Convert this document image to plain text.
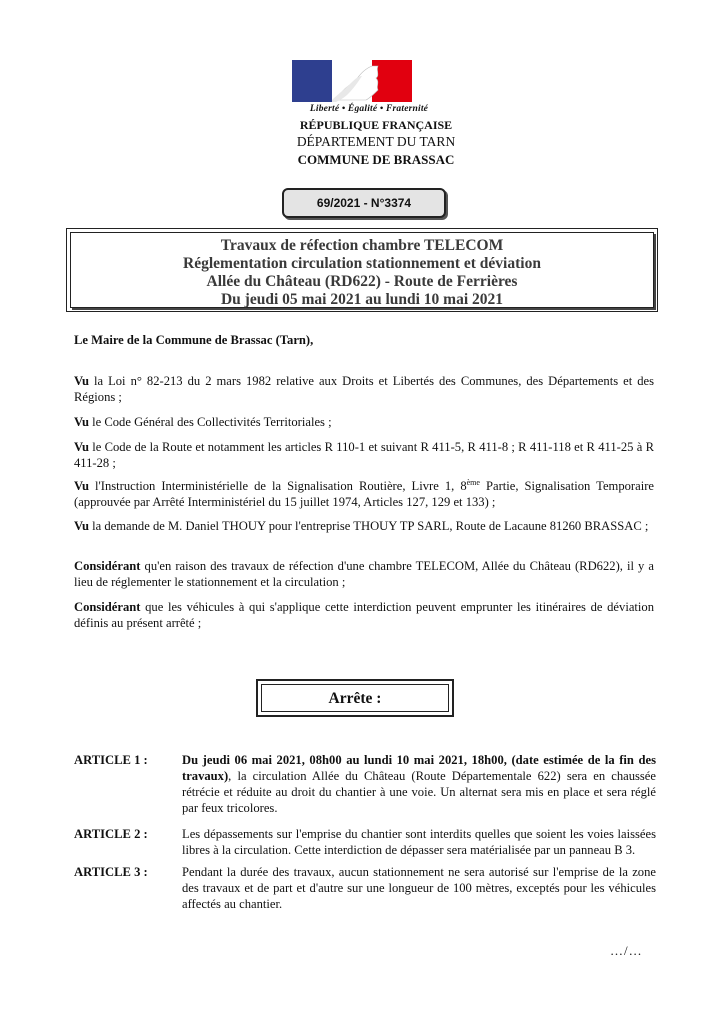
Liberté • Égalité • Fraternité
RÉPUBLIQUE FRANÇAISE
DÉPARTEMENT DU TARN
COMMUNE DE BRASSAC
69/2021 - N°3374
Travaux de réfection chambre TELECOM
Réglementation circulation stationnement et déviation
Allée du Château (RD622) - Route de Ferrières
Du jeudi 05 mai 2021 au lundi 10 mai 2021
Le Maire de la Commune de Brassac (Tarn),
Vu la Loi n° 82-213 du 2 mars 1982 relative aux Droits et Libertés des Communes, des Départements et des Régions ;
Vu le Code Général des Collectivités Territoriales ;
Vu le Code de la Route et notamment les articles R 110-1 et suivant R 411-5, R 411-8 ; R 411-118 et R 411-25 à R 411-28 ;
Vu l'Instruction Interministérielle de la Signalisation Routière, Livre 1, 8ème Partie, Signalisation Temporaire (approuvée par Arrêté Interministériel du 15 juillet 1974, Articles 127, 129 et 133) ;
Vu la demande de M. Daniel THOUY pour l'entreprise THOUY TP SARL, Route de Lacaune 81260 BRASSAC ;
Considérant qu'en raison des travaux de réfection d'une chambre TELECOM, Allée du Château (RD622), il y a lieu de réglementer le stationnement et la circulation ;
Considérant que les véhicules à qui s'applique cette interdiction peuvent emprunter les itinéraires de déviation définis au présent arrêté ;
Arrête :
ARTICLE 1 :	Du jeudi 06 mai 2021, 08h00 au lundi 10 mai 2021, 18h00, (date estimée de la fin des travaux), la circulation Allée du Château (Route Départementale 622) sera en chaussée rétrécie et réduite au droit du chantier à une voie. Un alternat sera mis en place et sera réglé par feux tricolores.
ARTICLE 2 :	Les dépassements sur l'emprise du chantier sont interdits quelles que soient les voies laissées libres à la circulation. Cette interdiction de dépasser sera matérialisée par un panneau B 3.
ARTICLE 3 :	Pendant la durée des travaux, aucun stationnement ne sera autorisé sur l'emprise de la zone des travaux et de part et d'autre sur une longueur de 100 mètres, exceptés pour les véhicules affectés au chantier.
…/…
